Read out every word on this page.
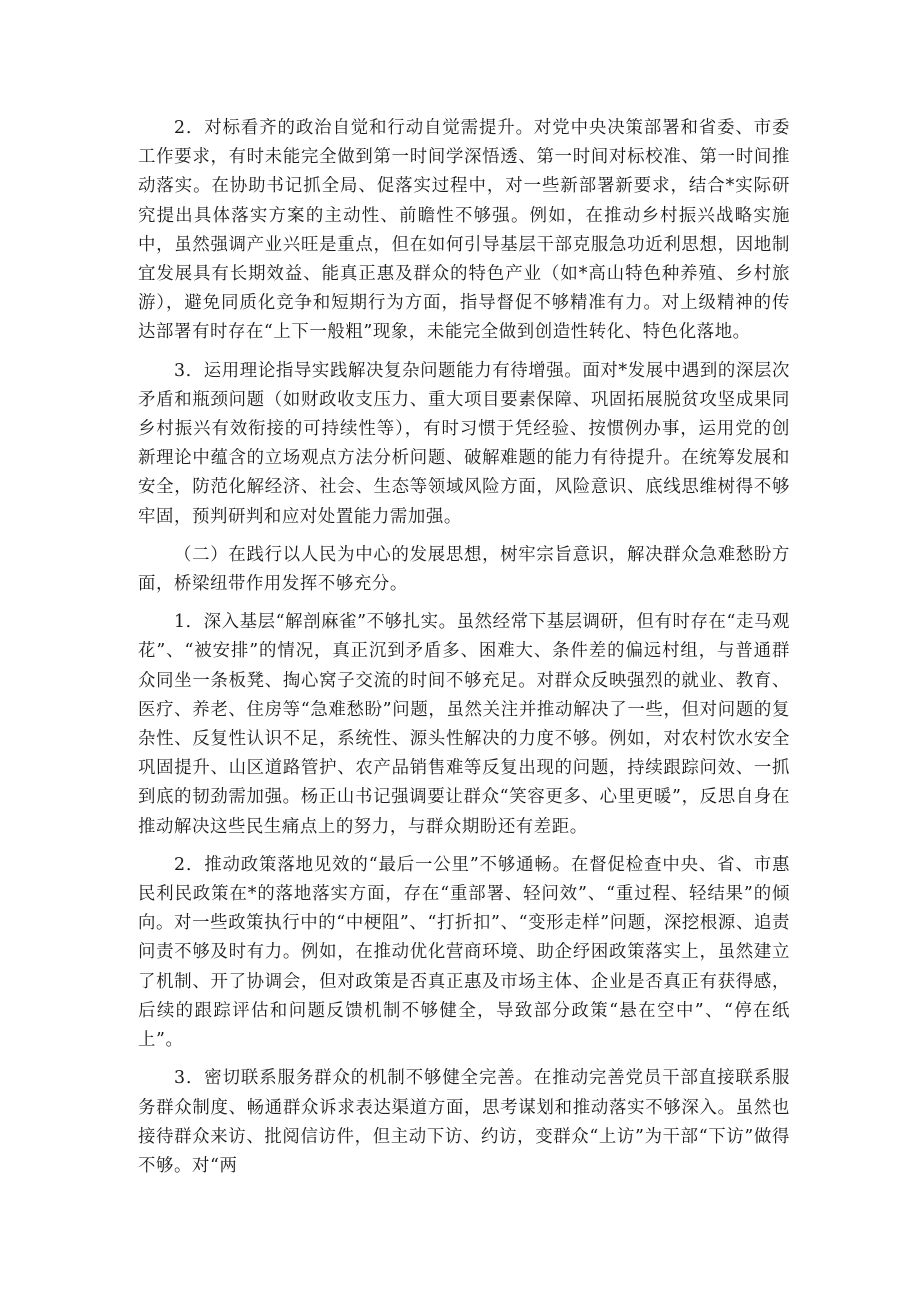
2．对标看齐的政治自觉和行动自觉需提升。对党中央决策部署和省委、市委工作要求，有时未能完全做到第一时间学深悟透、第一时间对标校准、第一时间推动落实。在协助书记抓全局、促落实过程中，对一些新部署新要求，结合*实际研究提出具体落实方案的主动性、前瞻性不够强。例如，在推动乡村振兴战略实施中，虽然强调产业兴旺是重点，但在如何引导基层干部克服急功近利思想，因地制宜发展具有长期效益、能真正惠及群众的特色产业（如*高山特色种养殖、乡村旅游），避免同质化竞争和短期行为方面，指导督促不够精准有力。对上级精神的传达部署有时存在“上下一般粗”现象，未能完全做到创造性转化、特色化落地。

3．运用理论指导实践解决复杂问题能力有待增强。面对*发展中遇到的深层次矛盾和瓶颈问题（如财政收支压力、重大项目要素保障、巩固拓展脱贫攻坚成果同乡村振兴有效衔接的可持续性等），有时习惯于凭经验、按惯例办事，运用党的创新理论中蕴含的立场观点方法分析问题、破解难题的能力有待提升。在统筹发展和安全，防范化解经济、社会、生态等领域风险方面，风险意识、底线思维树得不够牢固，预判研判和应对处置能力需加强。

（二）在践行以人民为中心的发展思想，树牢宗旨意识，解决群众急难愁盼方面，桥梁纽带作用发挥不够充分。

1．深入基层“解剖麻雀”不够扎实。虽然经常下基层调研，但有时存在“走马观花”、“被安排”的情况，真正沉到矛盾多、困难大、条件差的偏远村组，与普通群众同坐一条板凳、掏心窝子交流的时间不够充足。对群众反映强烈的就业、教育、医疗、养老、住房等“急难愁盼”问题，虽然关注并推动解决了一些，但对问题的复杂性、反复性认识不足，系统性、源头性解决的力度不够。例如，对农村饮水安全巩固提升、山区道路管护、农产品销售难等反复出现的问题，持续跟踪问效、一抓到底的韧劲需加强。杨正山书记强调要让群众“笑容更多、心里更暖”，反思自身在推动解决这些民生痛点上的努力，与群众期盼还有差距。

2．推动政策落地见效的“最后一公里”不够通畅。在督促检查中央、省、市惠民利民政策在*的落地落实方面，存在“重部署、轻问效”、“重过程、轻结果”的倾向。对一些政策执行中的“中梗阻”、“打折扣”、“变形走样”问题，深挖根源、追责问责不够及时有力。例如，在推动优化营商环境、助企纾困政策落实上，虽然建立了机制、开了协调会，但对政策是否真正惠及市场主体、企业是否真正有获得感，后续的跟踪评估和问题反馈机制不够健全，导致部分政策“悬在空中”、“停在纸上”。

3．密切联系服务群众的机制不够健全完善。在推动完善党员干部直接联系服务群众制度、畅通群众诉求表达渠道方面，思考谋划和推动落实不够深入。虽然也接待群众来访、批阅信访件，但主动下访、约访，变群众“上访”为干部“下访”做得不够。对“两
